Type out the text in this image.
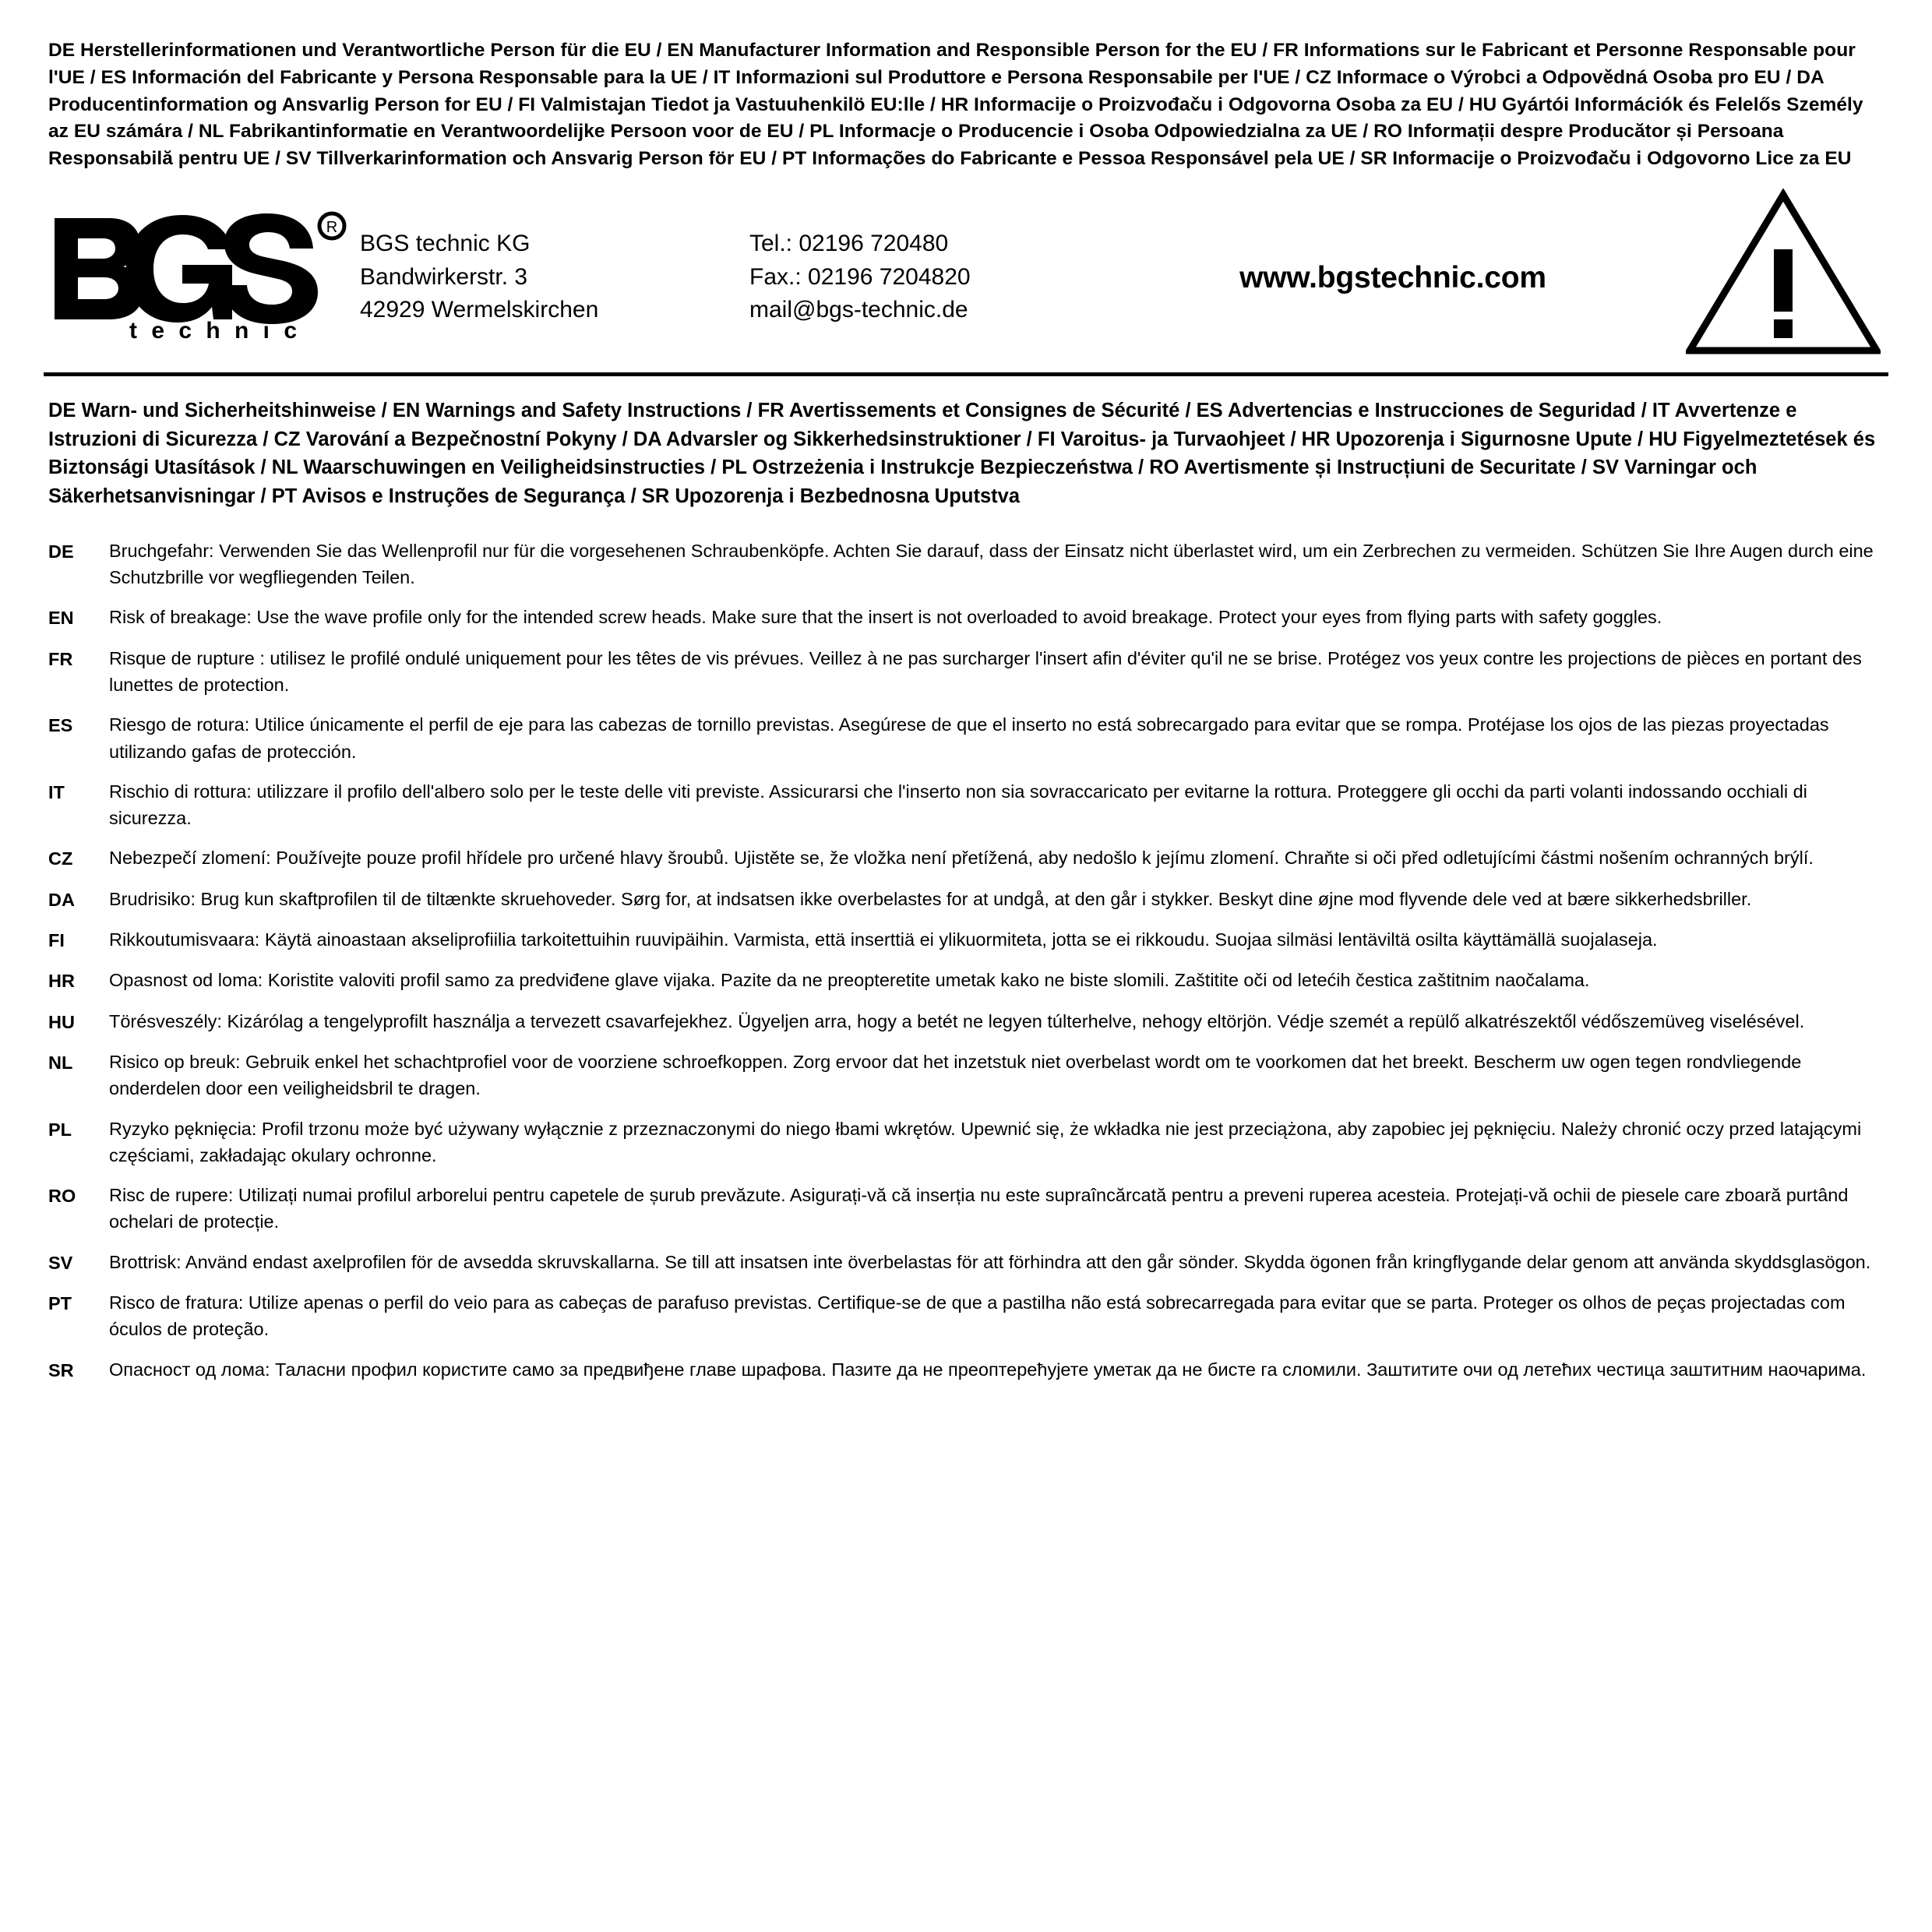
DE Herstellerinformationen und Verantwortliche Person für die EU / EN Manufacturer Information and Responsible Person for the EU / FR Informations sur le Fabricant et Personne Responsable pour l'UE / ES Información del Fabricante y Persona Responsable para la UE / IT Informazioni sul Produttore e Persona Responsabile per l'UE / CZ Informace o Výrobci a Odpovědná Osoba pro EU / DA Producentinformation og Ansvarlig Person for EU / FI Valmistajan Tiedot ja Vastuuhenkilö EU:lle / HR Informacije o Proizvođaču i Odgovorna Osoba za EU / HU Gyártói Információk és Felelős Személy az EU számára / NL Fabrikantinformatie en Verantwoordelijke Persoon voor de EU / PL Informacje o Producencie i Osoba Odpowiedzialna za UE / RO Informații despre Producător și Persoana Responsabilă pentru UE / SV Tillverkarinformation och Ansvarig Person för EU / PT Informações do Fabricante e Pessoa Responsável pela UE / SR Informacije o Proizvođaču i Odgovorno Lice za EU
R
t e c h n i c
BGS technic KG
Bandwirkerstr. 3
42929 Wermelskirchen
Tel.: 02196 720480
Fax.: 02196 7204820
mail@bgs-technic.de
www.bgstechnic.com
DE Warn- und Sicherheitshinweise / EN Warnings and Safety Instructions / FR Avertissements et Consignes de Sécurité / ES Advertencias e Instrucciones de Seguridad / IT Avvertenze e Istruzioni di Sicurezza / CZ Varování a Bezpečnostní Pokyny / DA Advarsler og Sikkerhedsinstruktioner / FI Varoitus- ja Turvaohjeet / HR Upozorenja i Sigurnosne Upute / HU Figyelmeztetések és Biztonsági Utasítások / NL Waarschuwingen en Veiligheidsinstructies / PL Ostrzeżenia i Instrukcje Bezpieczeństwa / RO Avertismente și Instrucțiuni de Securitate / SV Varningar och Säkerhetsanvisningar / PT Avisos e Instruções de Segurança / SR Upozorenja i Bezbednosna Uputstva
DE	Bruchgefahr: Verwenden Sie das Wellenprofil nur für die vorgesehenen Schraubenköpfe. Achten Sie darauf, dass der Einsatz nicht überlastet wird, um ein Zerbrechen zu vermeiden. Schützen Sie Ihre Augen durch eine Schutzbrille vor wegfliegenden Teilen.
EN	Risk of breakage: Use the wave profile only for the intended screw heads. Make sure that the insert is not overloaded to avoid breakage. Protect your eyes from flying parts with safety goggles.
FR	Risque de rupture : utilisez le profilé ondulé uniquement pour les têtes de vis prévues. Veillez à ne pas surcharger l'insert afin d'éviter qu'il ne se brise. Protégez vos yeux contre les projections de pièces en portant des lunettes de protection.
ES	Riesgo de rotura: Utilice únicamente el perfil de eje para las cabezas de tornillo previstas. Asegúrese de que el inserto no está sobrecargado para evitar que se rompa. Protéjase los ojos de las piezas proyectadas utilizando gafas de protección.
IT	Rischio di rottura: utilizzare il profilo dell'albero solo per le teste delle viti previste. Assicurarsi che l'inserto non sia sovraccaricato per evitarne la rottura. Proteggere gli occhi da parti volanti indossando occhiali di sicurezza.
CZ	Nebezpečí zlomení: Používejte pouze profil hřídele pro určené hlavy šroubů. Ujistěte se, že vložka není přetížená, aby nedošlo k jejímu zlomení. Chraňte si oči před odletujícími částmi nošením ochranných brýlí.
DA	Brudrisiko: Brug kun skaftprofilen til de tiltænkte skruehoveder. Sørg for, at indsatsen ikke overbelastes for at undgå, at den går i stykker. Beskyt dine øjne mod flyvende dele ved at bære sikkerhedsbriller.
FI	Rikkoutumisvaara: Käytä ainoastaan akseliprofiilia tarkoitettuihin ruuvipäihin. Varmista, että inserttiä ei ylikuormiteta, jotta se ei rikkoudu. Suojaa silmäsi lentäviltä osilta käyttämällä suojalaseja.
HR	Opasnost od loma: Koristite valoviti profil samo za predviđene glave vijaka. Pazite da ne preopteretite umetak kako ne biste slomili. Zaštitite oči od letećih čestica zaštitnim naočalama.
HU	Törésveszély: Kizárólag a tengelyprofilt használja a tervezett csavarfejekhez. Ügyeljen arra, hogy a betét ne legyen túlterhelve, nehogy eltörjön. Védje szemét a repülő alkatrészektől védőszemüveg viselésével.
NL	Risico op breuk: Gebruik enkel het schachtprofiel voor de voorziene schroefkoppen. Zorg ervoor dat het inzetstuk niet overbelast wordt om te voorkomen dat het breekt. Bescherm uw ogen tegen rondvliegende onderdelen door een veiligheidsbril te dragen.
PL	Ryzyko pęknięcia: Profil trzonu może być używany wyłącznie z przeznaczonymi do niego łbami wkrętów. Upewnić się, że wkładka nie jest przeciążona, aby zapobiec jej pęknięciu. Należy chronić oczy przed latającymi częściami, zakładając okulary ochronne.
RO	Risc de rupere: Utilizați numai profilul arborelui pentru capetele de șurub prevăzute. Asigurați-vă că inserția nu este supraîncărcată pentru a preveni ruperea acesteia. Protejați-vă ochii de piesele care zboară purtând ochelari de protecție.
SV	Brottrisk: Använd endast axelprofilen för de avsedda skruvskallarna. Se till att insatsen inte överbelastas för att förhindra att den går sönder. Skydda ögonen från kringflygande delar genom att använda skyddsglasögon.
PT	Risco de fratura: Utilize apenas o perfil do veio para as cabeças de parafuso previstas. Certifique-se de que a pastilha não está sobrecarregada para evitar que se parta. Proteger os olhos de peças projectadas com óculos de proteção.
SR	Опасност од лома: Таласни профил користите само за предвиђене главе шрафова. Пазите да не преоптерећујете уметак да не бисте га сломили. Заштитите очи од летећих честица заштитним наочарима.
